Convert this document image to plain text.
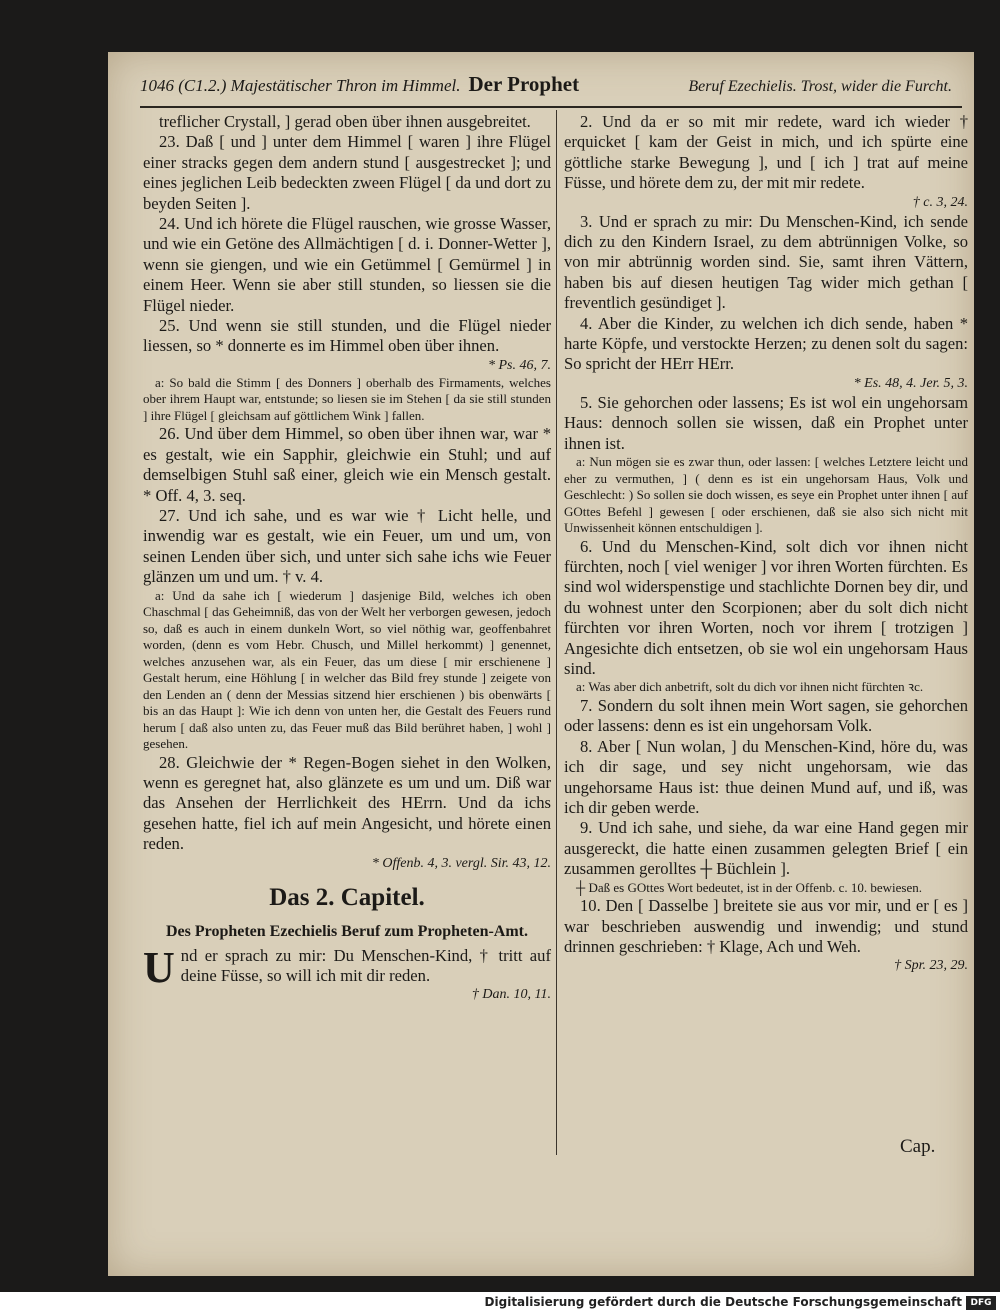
1046 (C1.2.) Majestätischer Thron im Himmel. Der Prophet	Beruf Ezechielis. Trost, wider die Furcht.

treflicher Crystall, ] gerad oben über ihnen ausgebreitet.

23. Daß [ und ] unter dem Himmel [ waren ] ihre Flügel einer stracks gegen dem andern stund [ ausgestrecket ]; und eines jeglichen Leib bedeckten zween Flügel [ da und dort zu beyden Seiten ].

24. Und ich hörete die Flügel rauschen, wie grosse Wasser, und wie ein Getöne des Allmächtigen [ d. i. Donner-Wetter ], wenn sie giengen, und wie ein Getümmel [ Gemürmel ] in einem Heer. Wenn sie aber still stunden, so liessen sie die Flügel nieder.

25. Und wenn sie still stunden, und die Flügel nieder liessen, so * donnerte es im Himmel oben über ihnen.

* Ps. 46, 7.

a: So bald die Stimm [ des Donners ] oberhalb des Firmaments, welches ober ihrem Haupt war, entstunde; so liesen sie im Stehen [ da sie still stunden ] ihre Flügel [ gleichsam auf göttlichem Wink ] fallen.

26. Und über dem Himmel, so oben über ihnen war, war * es gestalt, wie ein Sapphir, gleichwie ein Stuhl; und auf demselbigen Stuhl saß einer, gleich wie ein Mensch gestalt. * Off. 4, 3. seq.

27. Und ich sahe, und es war wie † Licht helle, und inwendig war es gestalt, wie ein Feuer, um und um, von seinen Lenden über sich, und unter sich sahe ichs wie Feuer glänzen um und um. † v. 4.

a: Und da sahe ich [ wiederum ] dasjenige Bild, welches ich oben Chaschmal [ das Geheimniß, das von der Welt her verborgen gewesen, jedoch so, daß es auch in einem dunkeln Wort, so viel nöthig war, geoffenbahret worden, (denn es vom Hebr. Chusch, und Millel herkommt) ] genennet, welches anzusehen war, als ein Feuer, das um diese [ mir erschienene ] Gestalt herum, eine Höhlung [ in welcher das Bild frey stunde ] zeigete von den Lenden an ( denn der Messias sitzend hier erschienen ) bis obenwärts [ bis an das Haupt ]: Wie ich denn von unten her, die Gestalt des Feuers rund herum [ daß also unten zu, das Feuer muß das Bild berühret haben, ] wohl ] gesehen.

28. Gleichwie der * Regen-Bogen siehet in den Wolken, wenn es geregnet hat, also glänzete es um und um. Diß war das Ansehen der Herrlichkeit des HErrn. Und da ichs gesehen hatte, fiel ich auf mein Angesicht, und hörete einen reden.

* Offenb. 4, 3. vergl. Sir. 43, 12.

Das 2. Capitel.
Des Propheten Ezechielis Beruf zum Propheten-Amt.

Und er sprach zu mir: Du Menschen-Kind, † tritt auf deine Füsse, so will ich mit dir reden.

† Dan. 10, 11.

2. Und da er so mit mir redete, ward ich wieder † erquicket [ kam der Geist in mich, und ich spürte eine göttliche starke Bewegung ], und [ ich ] trat auf meine Füsse, und hörete dem zu, der mit mir redete.

† c. 3, 24.

3. Und er sprach zu mir: Du Menschen-Kind, ich sende dich zu den Kindern Israel, zu dem abtrünnigen Volke, so von mir abtrünnig worden sind. Sie, samt ihren Vättern, haben bis auf diesen heutigen Tag wider mich gethan [ freventlich gesündiget ].

4. Aber die Kinder, zu welchen ich dich sende, haben * harte Köpfe, und verstockte Herzen; zu denen solt du sagen: So spricht der HErr HErr.

* Es. 48, 4. Jer. 5, 3.

5. Sie gehorchen oder lassens; Es ist wol ein ungehorsam Haus: dennoch sollen sie wissen, daß ein Prophet unter ihnen ist.

a: Nun mögen sie es zwar thun, oder lassen: [ welches Letztere leicht und eher zu vermuthen, ] ( denn es ist ein ungehorsam Haus, Volk und Geschlecht: ) So sollen sie doch wissen, es seye ein Prophet unter ihnen [ auf GOttes Befehl ] gewesen [ oder erschienen, daß sie also sich nicht mit Unwissenheit können entschuldigen ].

6. Und du Menschen-Kind, solt dich vor ihnen nicht fürchten, noch [ viel weniger ] vor ihren Worten fürchten. Es sind wol widerspenstige und stachlichte Dornen bey dir, und du wohnest unter den Scorpionen; aber du solt dich nicht fürchten vor ihren Worten, noch vor ihrem [ trotzigen ] Angesichte dich entsetzen, ob sie wol ein ungehorsam Haus sind.

a: Was aber dich anbetrift, solt du dich vor ihnen nicht fürchten ꝛc.

7. Sondern du solt ihnen mein Wort sagen, sie gehorchen oder lassens: denn es ist ein ungehorsam Volk.

8. Aber [ Nun wolan, ] du Menschen-Kind, höre du, was ich dir sage, und sey nicht ungehorsam, wie das ungehorsame Haus ist: thue deinen Mund auf, und iß, was ich dir geben werde.

9. Und ich sahe, und siehe, da war eine Hand gegen mir ausgereckt, die hatte einen zusammen gelegten Brief [ ein zusammen gerolltes ┼ Büchlein ].

┼ Daß es GOttes Wort bedeutet, ist in der Offenb. c. 10. bewiesen.

10. Den [ Dasselbe ] breitete sie aus vor mir, und er [ es ] war beschrieben auswendig und inwendig; und stund drinnen geschrieben: † Klage, Ach und Weh.

† Spr. 23, 29.

Cap.
Digitalisierung gefördert durch die Deutsche Forschungsgemeinschaft DFG
